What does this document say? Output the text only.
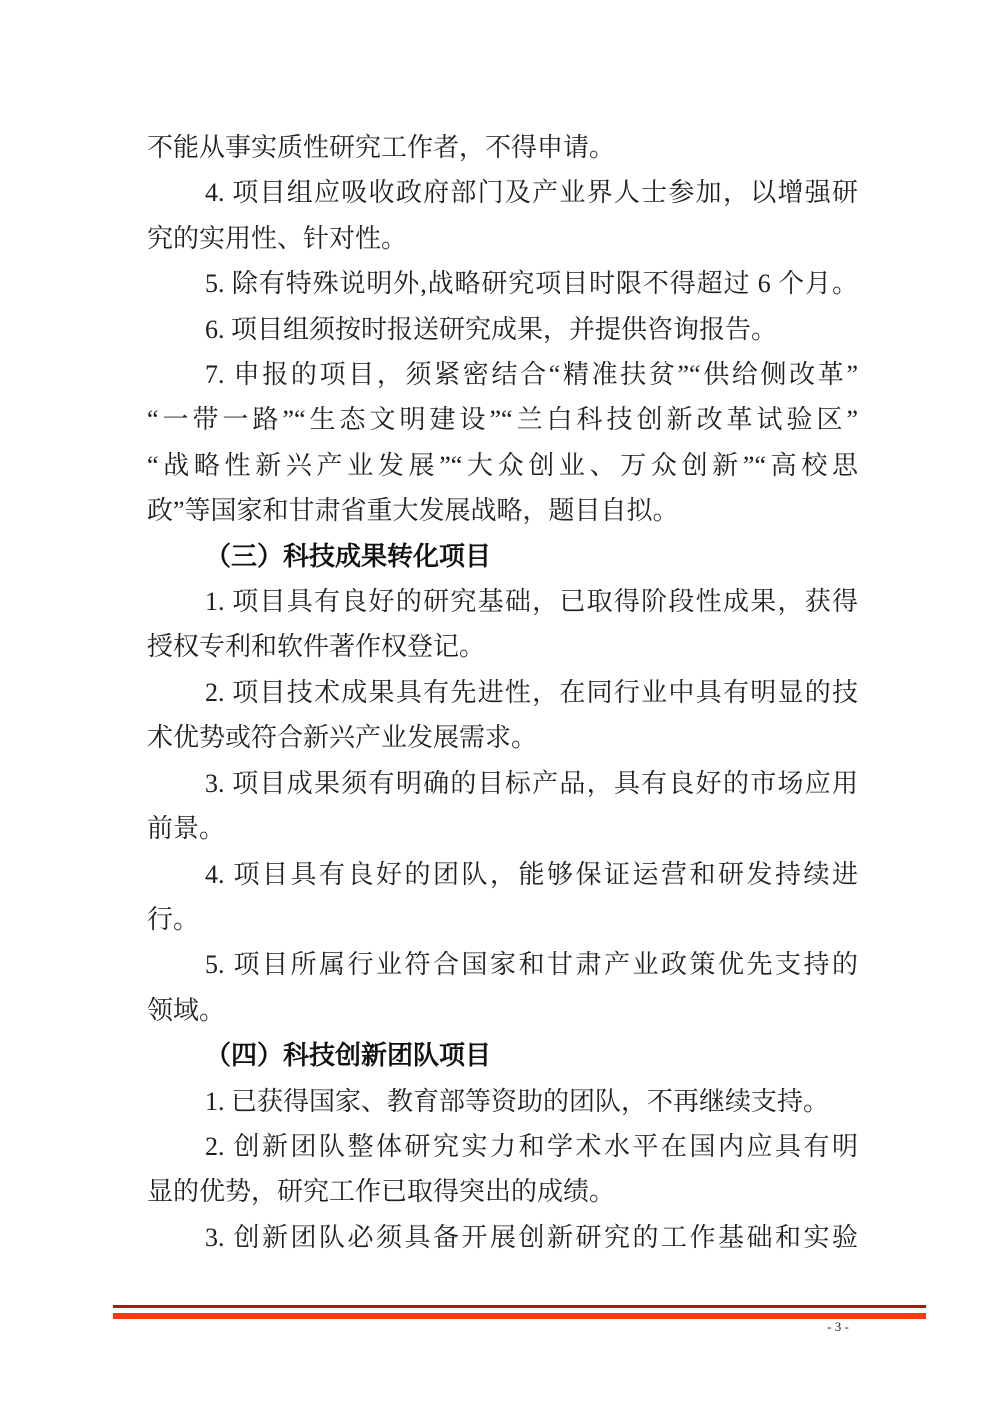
不能从事实质性研究工作者，不得申请。
4. 项目组应吸收政府部门及产业界人士参加，以增强研
究的实用性、针对性。
5. 除有特殊说明外,战略研究项目时限不得超过 6 个月。
6. 项目组须按时报送研究成果，并提供咨询报告。
7. 申报的项目，须紧密结合“精准扶贫”“供给侧改革”
“一带一路”“生态文明建设”“兰白科技创新改革试验区”
“战略性新兴产业发展”“大众创业、万众创新”“高校思
政”等国家和甘肃省重大发展战略，题目自拟。
（三）科技成果转化项目
1. 项目具有良好的研究基础，已取得阶段性成果，获得
授权专利和软件著作权登记。
2. 项目技术成果具有先进性，在同行业中具有明显的技
术优势或符合新兴产业发展需求。
3. 项目成果须有明确的目标产品，具有良好的市场应用
前景。
4. 项目具有良好的团队，能够保证运营和研发持续进
行。
5. 项目所属行业符合国家和甘肃产业政策优先支持的
领域。
（四）科技创新团队项目
1. 已获得国家、教育部等资助的团队，不再继续支持。
2. 创新团队整体研究实力和学术水平在国内应具有明
显的优势，研究工作已取得突出的成绩。
3. 创新团队必须具备开展创新研究的工作基础和实验
- 3 -
